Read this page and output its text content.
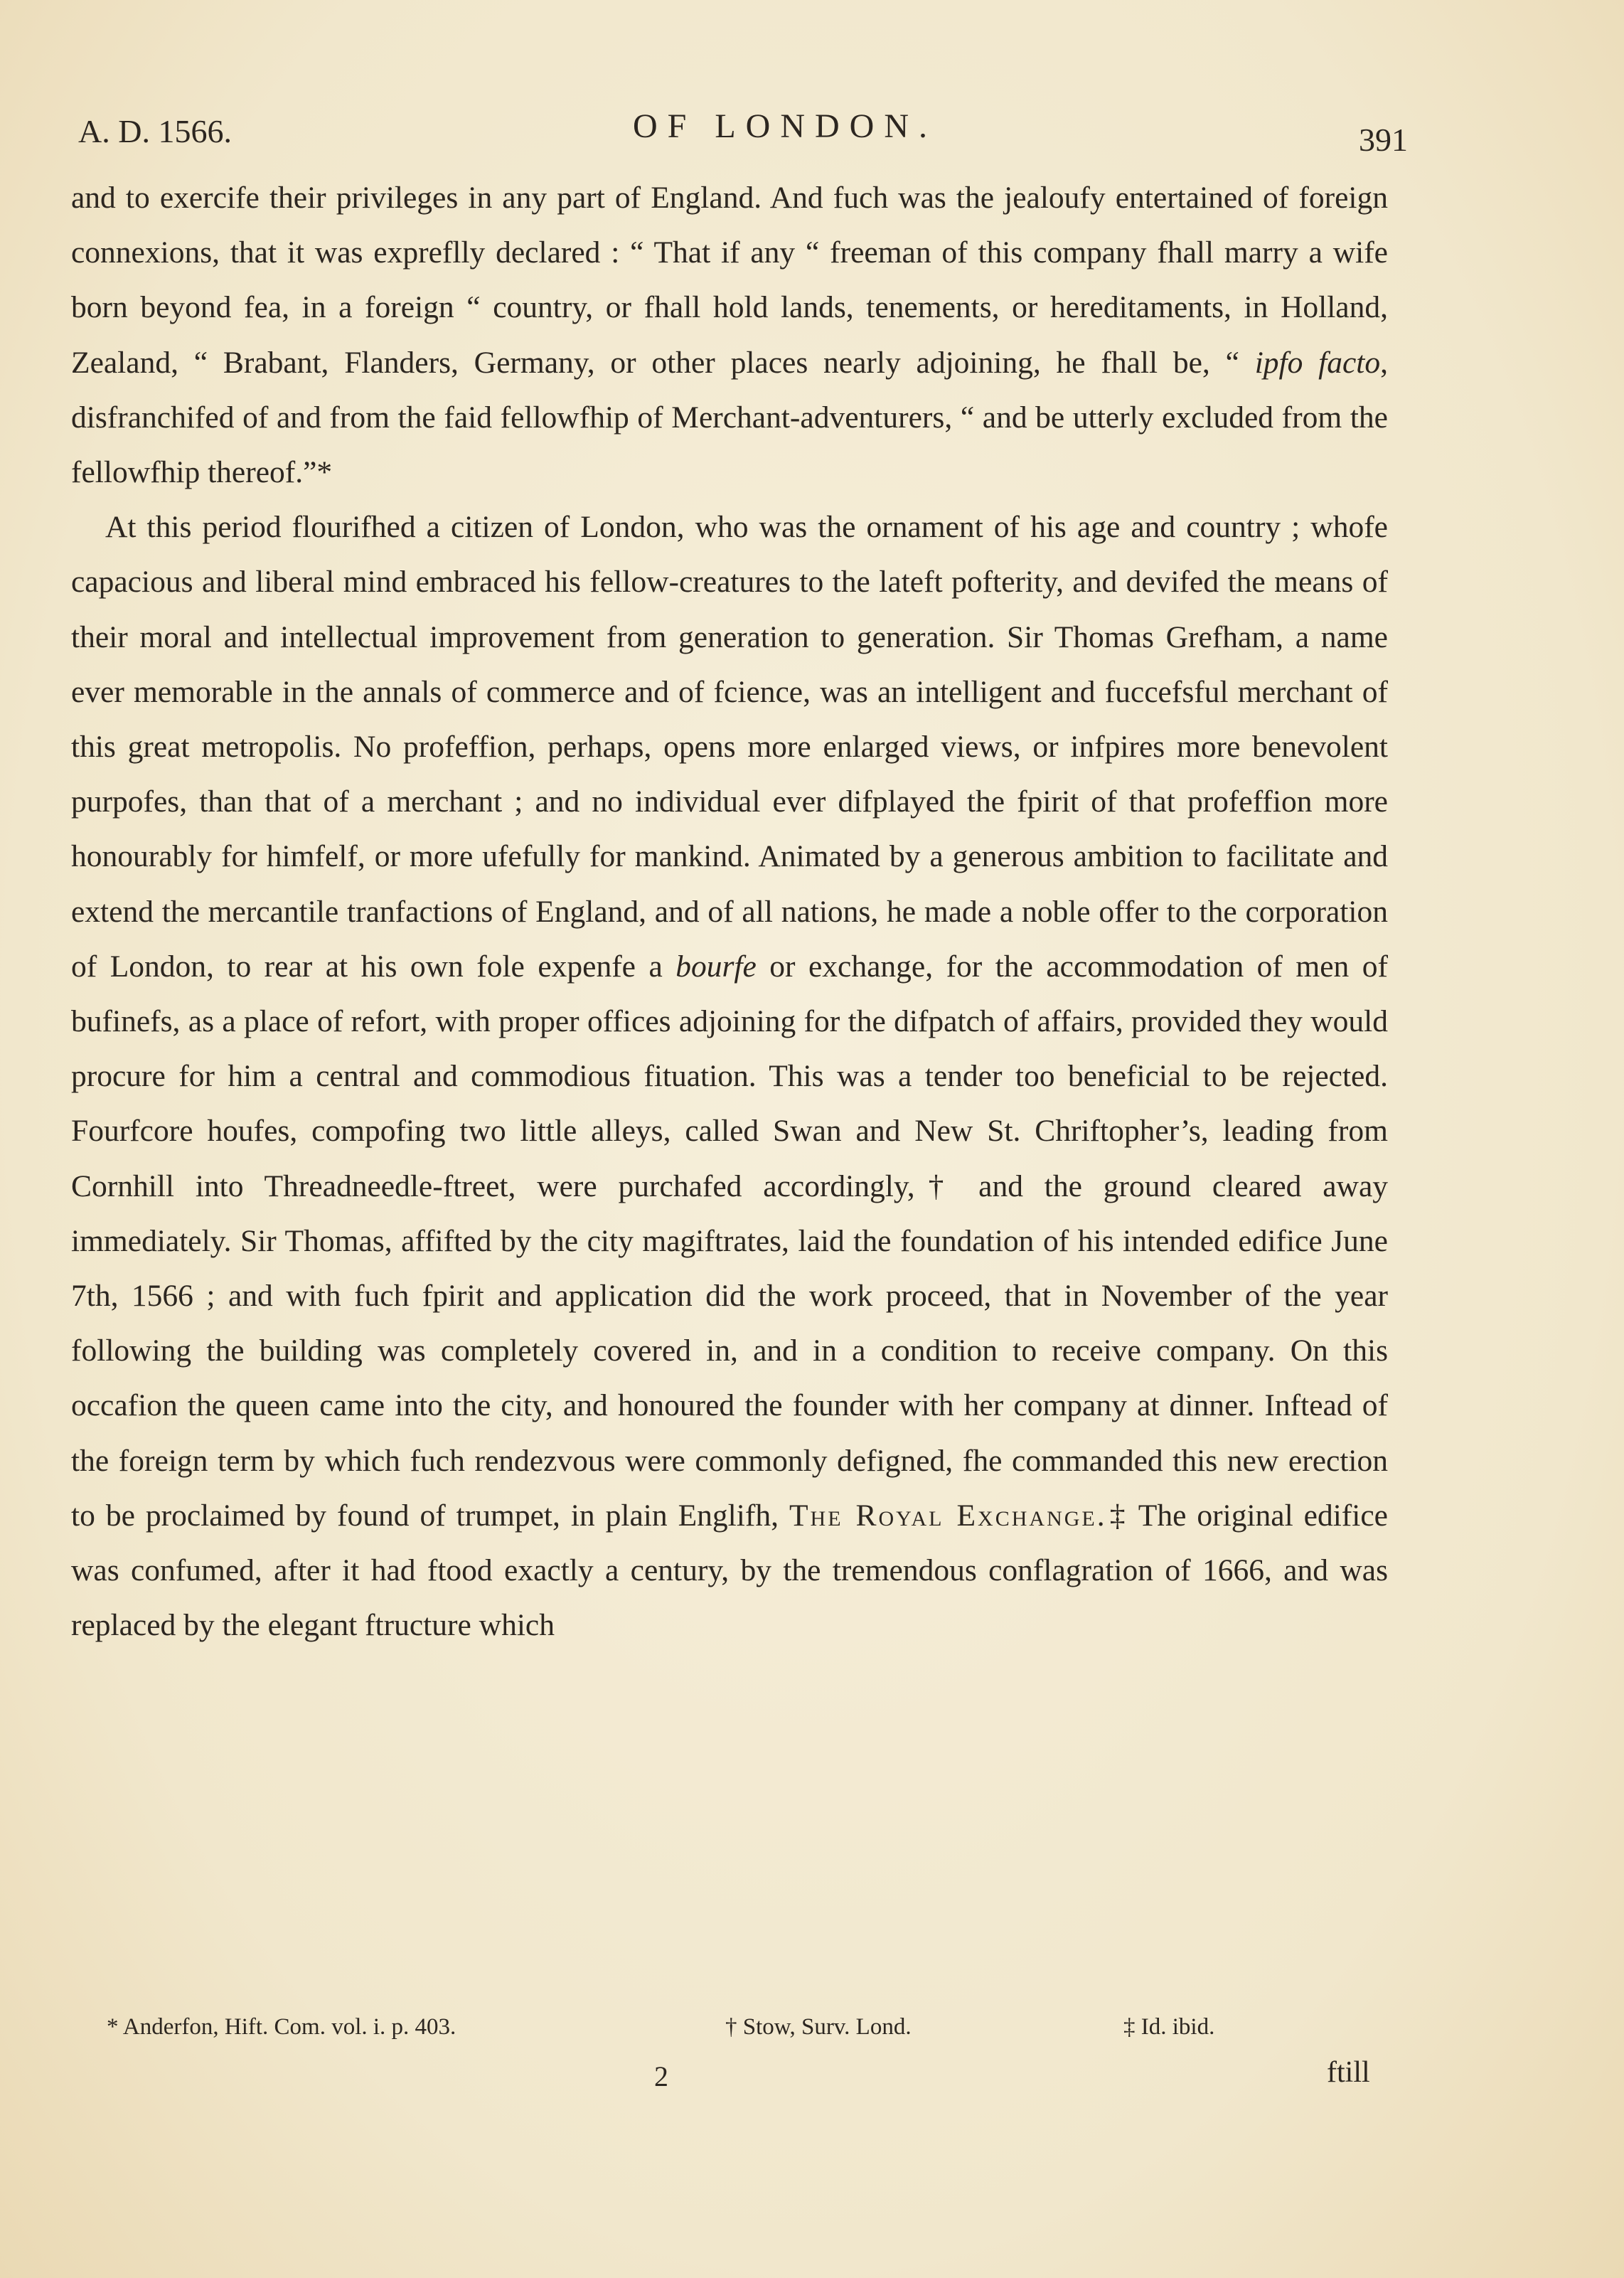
A. D. 1566.	OF LONDON.	391

and to exercife their privileges in any part of England. And fuch was the jealoufy entertained of foreign connexions, that it was expreflly declared : “ That if any “ freeman of this company fhall marry a wife born beyond fea, in a foreign “ country, or fhall hold lands, tenements, or hereditaments, in Holland, Zealand, “ Brabant, Flanders, Germany, or other places nearly adjoining, he fhall be, “ ipfo facto, disfranchifed of and from the faid fellowfhip of Merchant-adventurers, “ and be utterly excluded from the fellowfhip thereof.”*

At this period flourifhed a citizen of London, who was the ornament of his age and country ; whofe capacious and liberal mind embraced his fellow-creatures to the lateft pofterity, and devifed the means of their moral and intellectual improvement from generation to generation. Sir Thomas Grefham, a name ever memorable in the annals of commerce and of fcience, was an intelligent and fuccefsful merchant of this great metropolis. No profeffion, perhaps, opens more enlarged views, or infpires more benevolent purpofes, than that of a merchant ; and no individual ever difplayed the fpirit of that profeffion more honourably for himfelf, or more ufefully for mankind. Animated by a generous ambition to facilitate and extend the mercantile tranfactions of England, and of all nations, he made a noble offer to the corporation of London, to rear at his own fole expenfe a bourfe or exchange, for the accommodation of men of bufinefs, as a place of refort, with proper offices adjoining for the difpatch of affairs, provided they would procure for him a central and commodious fituation. This was a tender too beneficial to be rejected. Fourfcore houfes, compofing two little alleys, called Swan and New St. Chriftopher’s, leading from Cornhill into Threadneedle-ftreet, were purchafed accordingly,† and the ground cleared away immediately. Sir Thomas, affifted by the city magiftrates, laid the foundation of his intended edifice June 7th, 1566 ; and with fuch fpirit and application did the work proceed, that in November of the year following the building was completely covered in, and in a condition to receive company. On this occafion the queen came into the city, and honoured the founder with her company at dinner. Inftead of the foreign term by which fuch rendezvous were commonly defigned, fhe commanded this new erection to be proclaimed by found of trumpet, in plain Englifh, The Royal Exchange.‡ The original edifice was confumed, after it had ftood exactly a century, by the tremendous conflagration of 1666, and was replaced by the elegant ftructure which

* Anderfon, Hift. Com. vol. i. p. 403.	† Stow, Surv. Lond.	‡ Id. ibid.
2	ftill
